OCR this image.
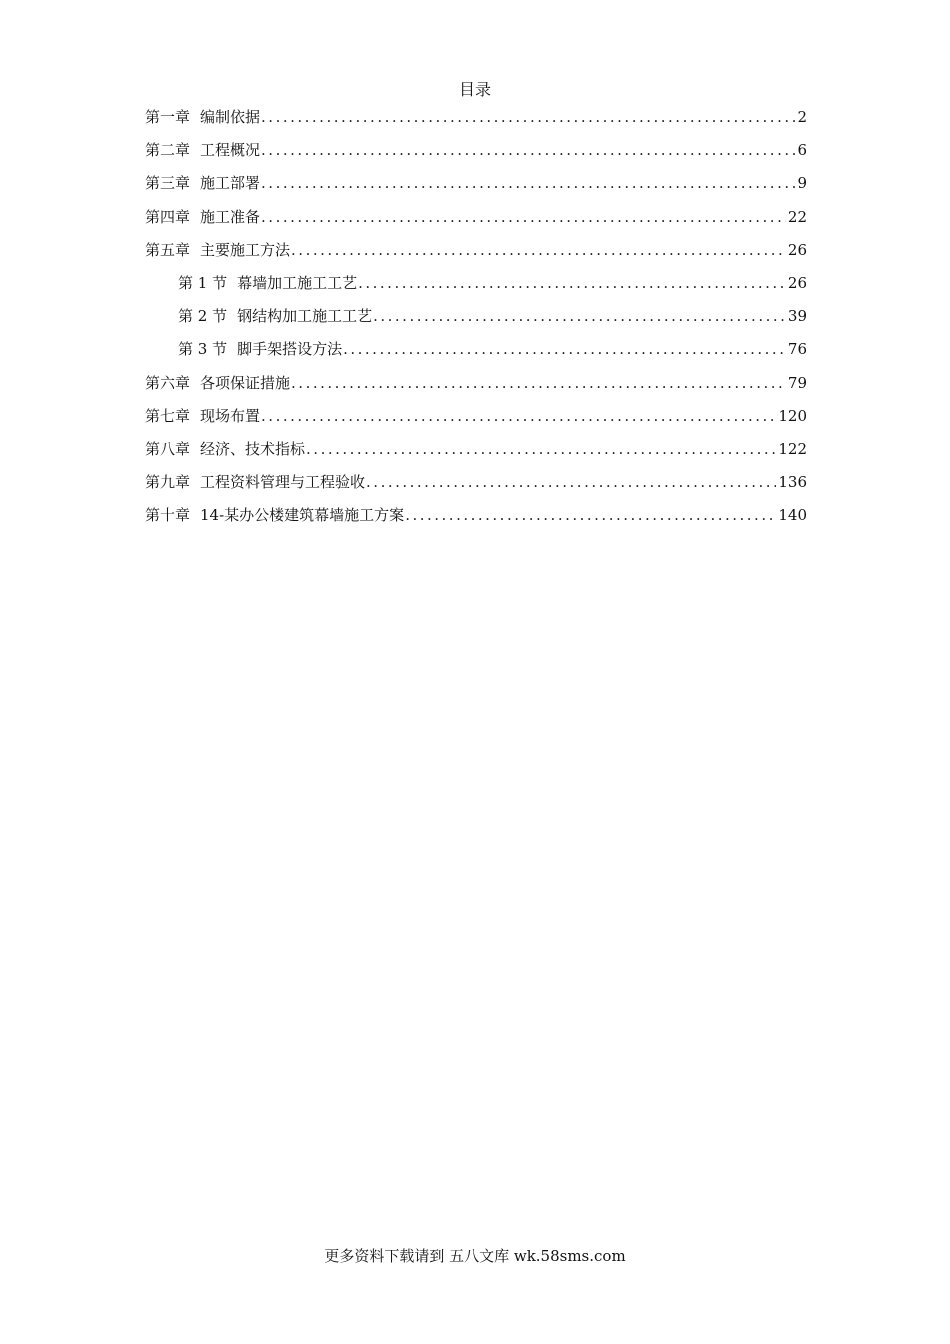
目录
第一章 编制依据 .....	2
第二章 工程概况 .....	6
第三章 施工部署 .....	9
第四章 施工准备 .....	22
第五章 主要施工方法 .....	26
第 1 节 幕墙加工施工工艺 .....	26
第 2 节 钢结构加工施工工艺 .....	39
第 3 节 脚手架搭设方法 .....	76
第六章 各项保证措施 .....	79
第七章 现场布置 .....	120
第八章 经济、技术指标 .....	122
第九章 工程资料管理与工程验收 .....	136
第十章 14-某办公楼建筑幕墙施工方案 .....	140
更多资料下载请到 五八文库 wk.58sms.com
